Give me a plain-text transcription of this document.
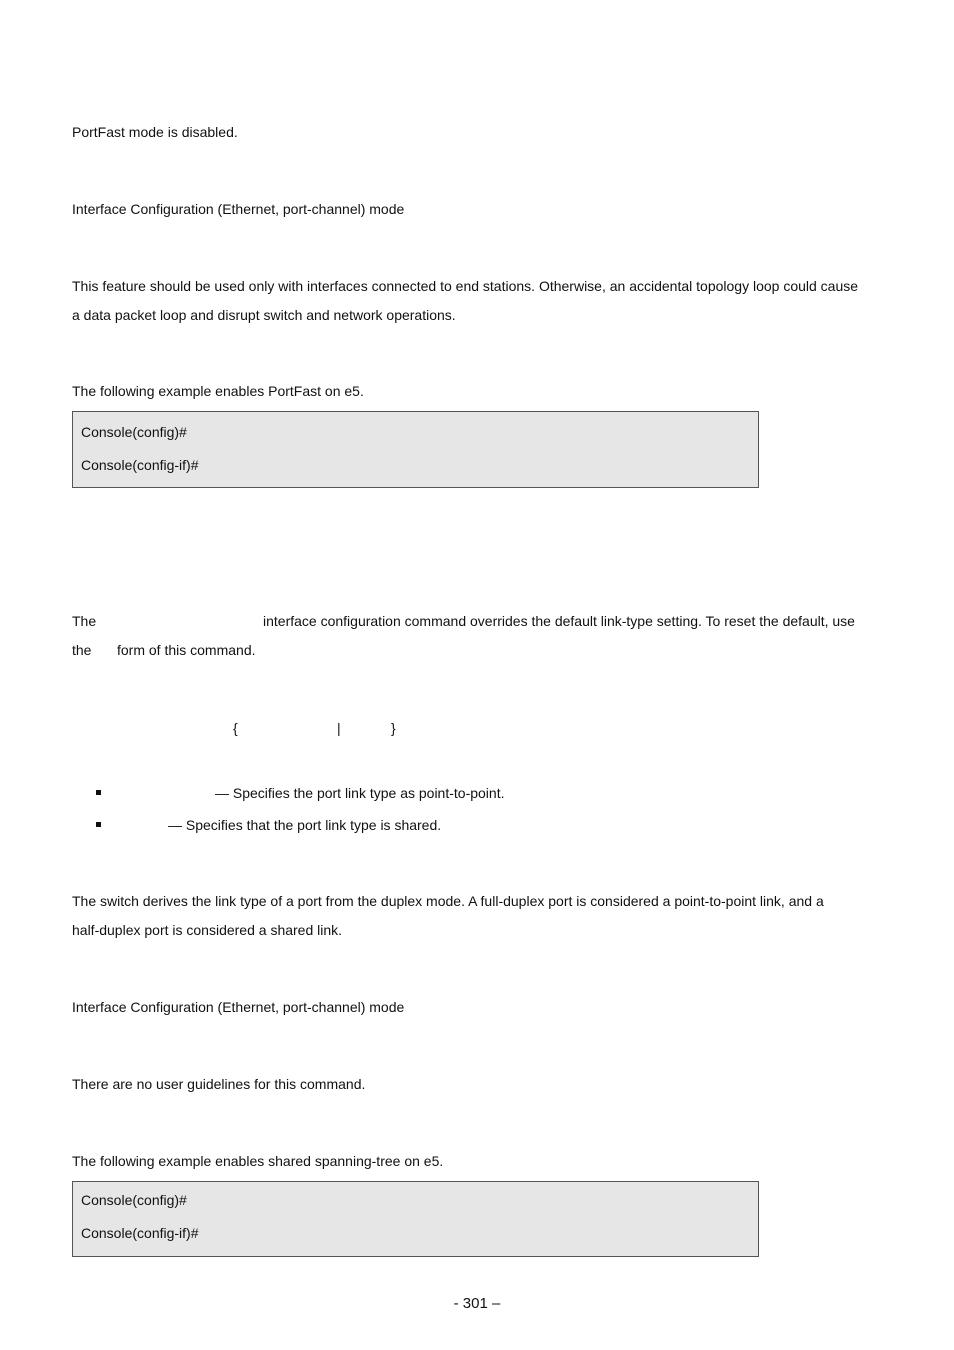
PortFast mode is disabled.
Interface Configuration (Ethernet, port-channel) mode
This feature should be used only with interfaces connected to end stations. Otherwise, an accidental topology loop could cause
a data packet loop and disrupt switch and network operations.
The following example enables PortFast on e5.
Console(config)#
Console(config-if)#
The	interface configuration command overrides the default link-type setting. To reset the default, use
the form of this command.
{	|	}
— Specifies the port link type as point-to-point.
— Specifies that the port link type is shared.
The switch derives the link type of a port from the duplex mode. A full-duplex port is considered a point-to-point link, and a
half-duplex port is considered a shared link.
Interface Configuration (Ethernet, port-channel) mode
There are no user guidelines for this command.
The following example enables shared spanning-tree on e5.
Console(config)#
Console(config-if)#
- 301 –
